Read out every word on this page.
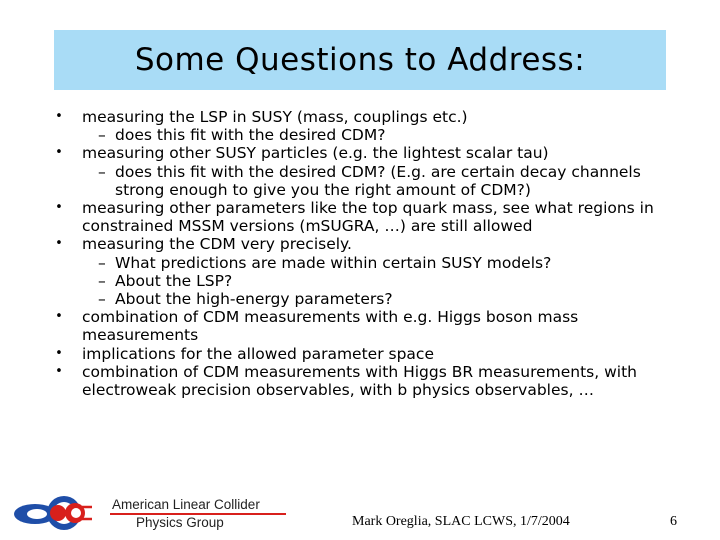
Some Questions to Address:
•	measuring the LSP in SUSY (mass, couplings etc.)
– does this fit with the desired CDM?
•	measuring other SUSY particles (e.g. the lightest scalar tau)
– does this fit with the desired CDM? (E.g. are certain decay channels strong enough to give you the right amount of CDM?)
•	measuring other parameters like the top quark mass, see what regions in constrained MSSM versions (mSUGRA, …) are still allowed
•	measuring the CDM very precisely.
– What predictions are made within certain SUSY models?
– About the LSP?
– About the high-energy parameters?
•	combination of CDM measurements with e.g. Higgs boson mass measurements
•	implications for the allowed parameter space
•	combination of CDM measurements with Higgs BR measurements, with electroweak precision observables, with b physics observables, …
American Linear Collider
Physics Group	Mark Oreglia, SLAC LCWS, 1/7/2004	6
